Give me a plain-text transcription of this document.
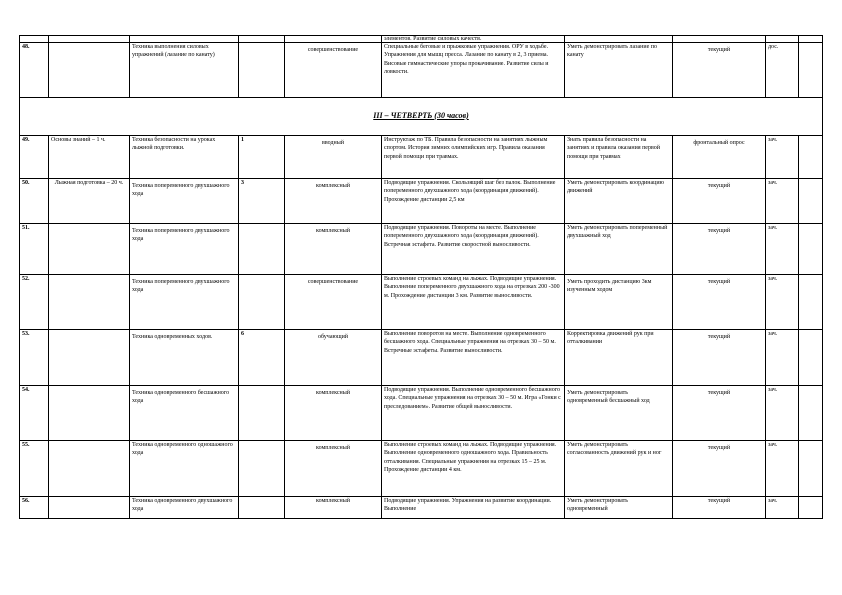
					элементов. Развитие силовых качеств.				
48.		Техника выполнения силовых упражнений (лазание по канату)		совершенствование	Специальные беговые и прыжковые упражнения. ОРУ в ходьбе. Упражнения для мышц пресса. Лазание по канату в 2, 3 приема. Висовые гимнастические упоры прокачивание. Развитие силы и ловкости.	Уметь демонстрировать лазание по канату	текущий	дос.	
III – ЧЕТВЕРТЬ (30 часов)									
49.	Основы знаний – 1 ч.	Техника безопасности на уроках лыжной подготовки.	1	вводный	Инструктаж по ТБ. Правила безопасности на занятиях лыжным спортом. История зимних олимпийских игр. Правила оказания первой помощи при травмах.	Знать правила безопасности на занятиях и правила оказания первой помощи при травмах	фронтальный опрос	зач.	
50.	Лыжная подготовка – 20 ч.	Техника попеременного двухшажного хода	3	комплексный	Подводящие упражнения. Скользящий шаг без палок. Выполнение попеременного двухшажного хода (координация движений). Прохождение дистанции 2,5 км	Уметь демонстрировать координацию движений	текущий	зач.	
51.		Техника попеременного двухшажного хода		комплексный	Подводящие упражнения. Повороты на месте. Выполнение попеременного двухшажного хода (координация движений). Встречная эстафета. Развитие скоростной выносливости.	Уметь демонстрировать попеременный двухшажный ход	текущий	зач.	
52.		Техника попеременного двухшажного хода		совершенствование	Выполнение строевых команд на лыжах. Подводящие упражнения. Выполнение попеременного двухшажного хода на отрезках 200 -300 м. Прохождение дистанции 3 км. Развитие выносливости.	Уметь проходить дистанцию 3км изученным ходом	текущий	зач.	
53.		Техника одновременных ходов.	6	обучающий	Выполнение поворотов на месте. Выполнение одновременного бесшажного хода. Специальные упражнения на отрезках 30 – 50 м. Встречные эстафеты. Развитие выносливости.	Корректировка движений рук при отталкивании	текущий	зач.	
54.		Техника одновременного бесшажного хода		комплексный	Подводящие упражнения. Выполнение одновременного бесшажного хода. Специальные упражнения на отрезках 30 – 50 м. Игра «Гонки с преследованием». Развитие общей выносливости.	Уметь демонстрировать одновременный бесшажный ход	текущий	зач.	
55.		Техника одновременного одношажного хода		комплексный	Выполнение строевых команд на лыжах. Подводящие упражнения. Выполнение одновременного одношажного хода. Правильность отталкивания. Специальные упражнения на отрезках 15 – 25 м. Прохождение дистанции 4 км.	Уметь демонстрировать согласованность движений рук и ног	текущий	зач.	
56.		Техника одновременного двухшажного хода		комплексный	Подводящие упражнения. Упражнения на развитие координации. Выполнение	Уметь демонстрировать одновременный	текущий	зач.	
